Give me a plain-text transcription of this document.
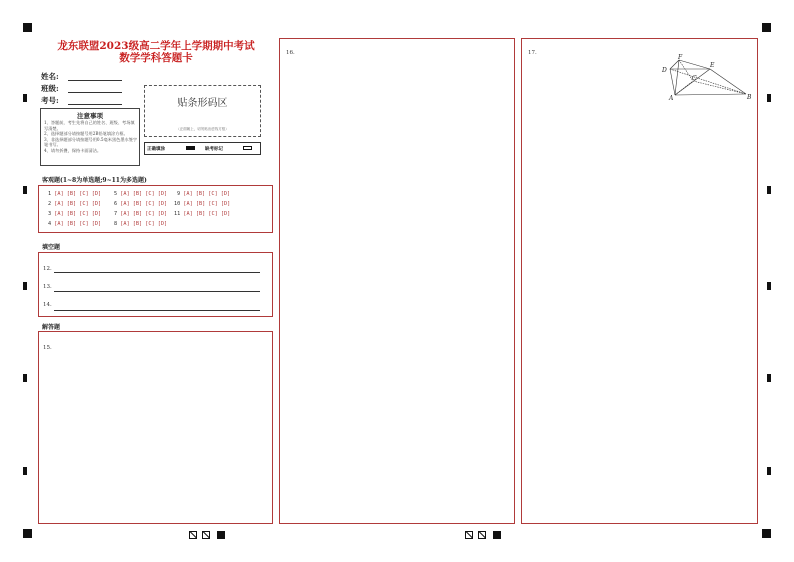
龙东联盟2023级高二学年上学期期中考试
数学学科答题卡
姓名:
班级:
考号:
注意事项
1、答题前，考生先将自己的姓名、班级、考场填写清楚。
2、选择题部分请按题号用2B铅笔填涂方框。
3、非选择题部分请按题号用0.5毫米黑色墨水签字笔书写。
4、请勿折叠，保持卡面清洁。
贴条形码区
（正面朝上，切勿贴出虚线方框）
正确填涂	缺考标记
客观题(1~8为单选题;9~11为多选题)
1 [A] [B] [C] [D] 5 [A] [B] [C] [D] 9 [A] [B] [C] [D]
2 [A] [B] [C] [D] 6 [A] [B] [C] [D] 10 [A] [B] [C] [D]
3 [A] [B] [C] [D] 7 [A] [B] [C] [D] 11 [A] [B] [C] [D]
4 [A] [B] [C] [D] 8 [A] [B] [C] [D]
填空题
12.
13.
14.
解答题
15.
16.	17.
F
D
E
C
A	B
